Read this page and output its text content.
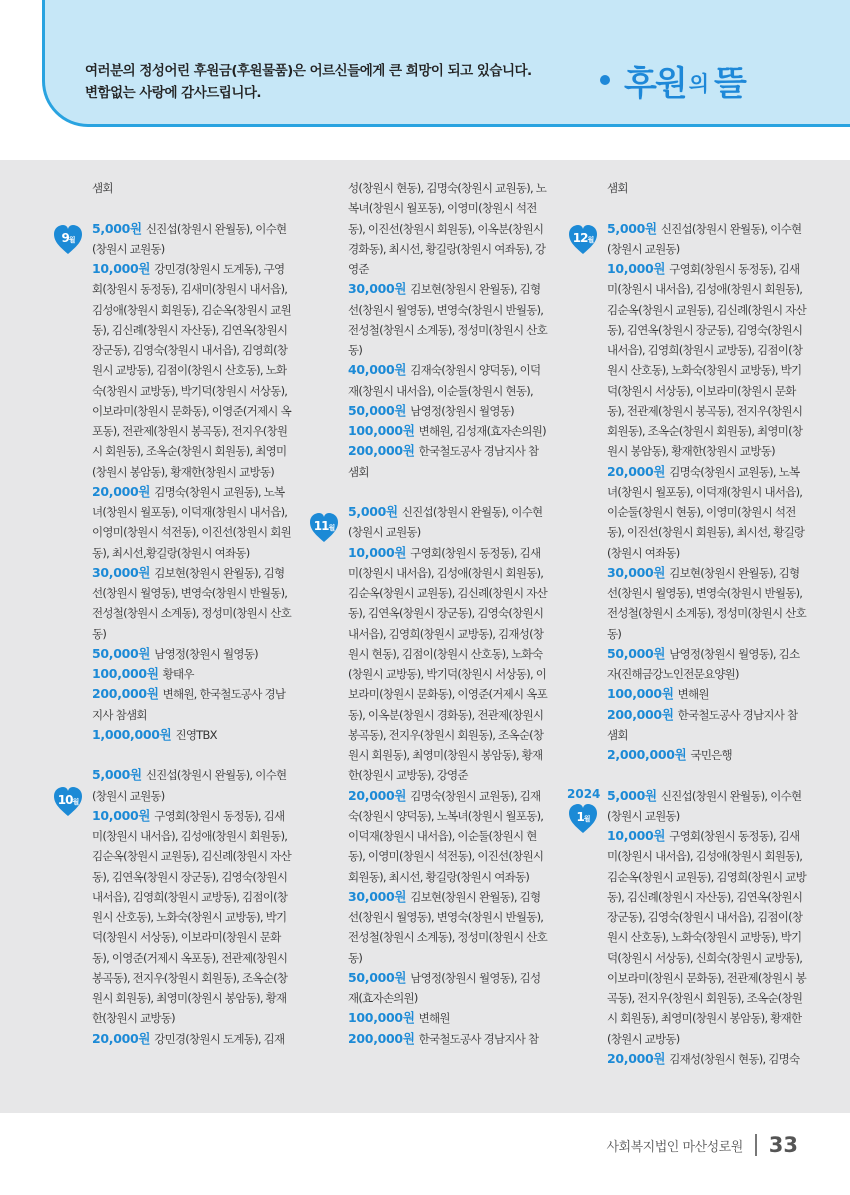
여러분의 정성어린 후원금(후원물품)은 어르신들에게 큰 희망이 되고 있습니다.
변함없는 사랑에 감사드립니다.	후원 의 뜰

샘회

5,000원 신진섭(창원시 완월동), 이수현(창원시 교원동)

10,000원 강민경(창원시 도계동), 구영회(창원시 동정동), 김새미(창원시 내서읍), 김성애(창원시 회원동), 김순옥(창원시 교원동), 김신례(창원시 자산동), 김연옥(창원시 장군동), 김영숙(창원시 내서읍), 김영희(창원시 교방동), 김점이(창원시 산호동), 노화숙(창원시 교방동), 박기덕(창원시 서상동), 이보라미(창원시 문화동), 이영준(거제시 옥포동), 전관제(창원시 봉곡동), 전지우(창원시 회원동), 조옥순(창원시 회원동), 최영미(창원시 봉암동), 황재한(창원시 교방동)

20,000원 김명숙(창원시 교원동), 노복녀(창원시 월포동), 이덕재(창원시 내서읍),이영미(창원시 석전동), 이진선(창원시 회원동), 최시선,황길랑(창원시 여좌동)

30,000원 김보현(창원시 완월동), 김형선(창원시 월영동), 변영숙(창원시 반월동), 전성철(창원시 소계동), 정성미(창원시 산호동)

50,000원 남영정(창원시 월영동)

100,000원 황태우

200,000원 변해원, 한국철도공사 경남지사 참샘회

1,000,000원 진영TBX

5,000원 신진섭(창원시 완월동), 이수현(창원시 교원동)

10,000원 구영회(창원시 동정동), 김새미(창원시 내서읍), 김성애(창원시 회원동), 김순옥(창원시 교원동), 김신례(창원시 자산동), 김연옥(창원시 장군동), 김영숙(창원시 내서읍), 김영희(창원시 교방동), 김점이(창원시 산호동), 노화숙(창원시 교방동), 박기덕(창원시 서상동), 이보라미(창원시 문화동), 이영준(거제시 옥포동), 전관제(창원시 봉곡동), 전지우(창원시 회원동), 조옥순(창원시 회원동), 최영미(창원시 봉암동), 황재한(창원시 교방동)

20,000원 강민경(창원시 도계동), 김재

성(창원시 현동), 김명숙(창원시 교원동), 노복녀(창원시 월포동), 이영미(창원시 석전동), 이진선(창원시 회원동), 이옥분(창원시 경화동), 최시선, 황길랑(창원시 여좌동), 강영준

30,000원 김보현(창원시 완월동), 김형선(창원시 월영동), 변영숙(창원시 반월동), 전성철(창원시 소계동), 정성미(창원시 산호동)

40,000원 김재숙(창원시 양덕동), 이덕재(창원시 내서읍), 이순둘(창원시 현동),

50,000원 남영정(창원시 월영동)

100,000원 변해원, 김성재(효자손의원)

200,000원 한국철도공사 경남지사 참샘회

5,000원 신진섭(창원시 완월동), 이수현(창원시 교원동)

10,000원 구영회(창원시 동정동), 김새미(창원시 내서읍), 김성애(창원시 회원동), 김순옥(창원시 교원동), 김신례(창원시 자산동), 김연옥(창원시 장군동), 김영숙(창원시 내서읍), 김영희(창원시 교방동), 김재성(창원시 현동), 김점이(창원시 산호동), 노화숙(창원시 교방동), 박기덕(창원시 서상동), 이보라미(창원시 문화동), 이영준(거제시 옥포동), 이옥분(창원시 경화동), 전관제(창원시 봉곡동), 전지우(창원시 회원동), 조옥순(창원시 회원동), 최영미(창원시 봉암동), 황재한(창원시 교방동), 강영준

20,000원 김명숙(창원시 교원동), 김재숙(창원시 양덕동), 노복녀(창원시 월포동), 이덕재(창원시 내서읍), 이순둘(창원시 현동), 이영미(창원시 석전동), 이진선(창원시 회원동), 최시선, 황길랑(창원시 여좌동)

30,000원 김보현(창원시 완월동), 김형선(창원시 월영동), 변영숙(창원시 반월동), 전성철(창원시 소계동), 정성미(창원시 산호동)

50,000원 남영정(창원시 월영동), 김성재(효자손의원)

100,000원 변해원

200,000원 한국철도공사 경남지사 참

샘회

5,000원 신진섭(창원시 완월동), 이수현(창원시 교원동)

10,000원 구영회(창원시 동정동), 김새미(창원시 내서읍), 김성애(창원시 회원동), 김순옥(창원시 교원동), 김신례(창원시 자산동), 김연옥(창원시 장군동), 김영숙(창원시 내서읍), 김영희(창원시 교방동), 김점이(창원시 산호동), 노화숙(창원시 교방동), 박기덕(창원시 서상동), 이보라미(창원시 문화동), 전관제(창원시 봉곡동), 전지우(창원시 회원동), 조옥순(창원시 회원동), 최영미(창원시 봉암동), 황재한(창원시 교방동)

20,000원 김명숙(창원시 교원동), 노복녀(창원시 월포동), 이덕재(창원시 내서읍), 이순둘(창원시 현동), 이영미(창원시 석전동), 이진선(창원시 회원동), 최시선, 황길랑(창원시 여좌동)

30,000원 김보현(창원시 완월동), 김형선(창원시 월영동), 변영숙(창원시 반월동), 전성철(창원시 소계동), 정성미(창원시 산호동)

50,000원 남영정(창원시 월영동), 김소자(진해금강노인전문요양원)

100,000원 변해원

200,000원 한국철도공사 경남지사 참샘회

2,000,000원 국민은행

5,000원 신진섭(창원시 완월동), 이수현(창원시 교원동)

10,000원 구영회(창원시 동정동), 김새미(창원시 내서읍), 김성애(창원시 회원동), 김순옥(창원시 교원동), 김영희(창원시 교방동), 김신례(창원시 자산동), 김연옥(창원시 장군동), 김영숙(창원시 내서읍), 김점이(창원시 산호동), 노화숙(창원시 교방동), 박기덕(창원시 서상동), 신희숙(창원시 교방동), 이보라미(창원시 문화동), 전관제(창원시 봉곡동), 전지우(창원시 회원동), 조옥순(창원시 회원동), 최영미(창원시 봉암동), 황재한(창원시 교방동)

20,000원 김재성(창원시 현동), 김명숙

9월
10월
11월
12월
2024
1월
사회복지법인 마산성로원 33
